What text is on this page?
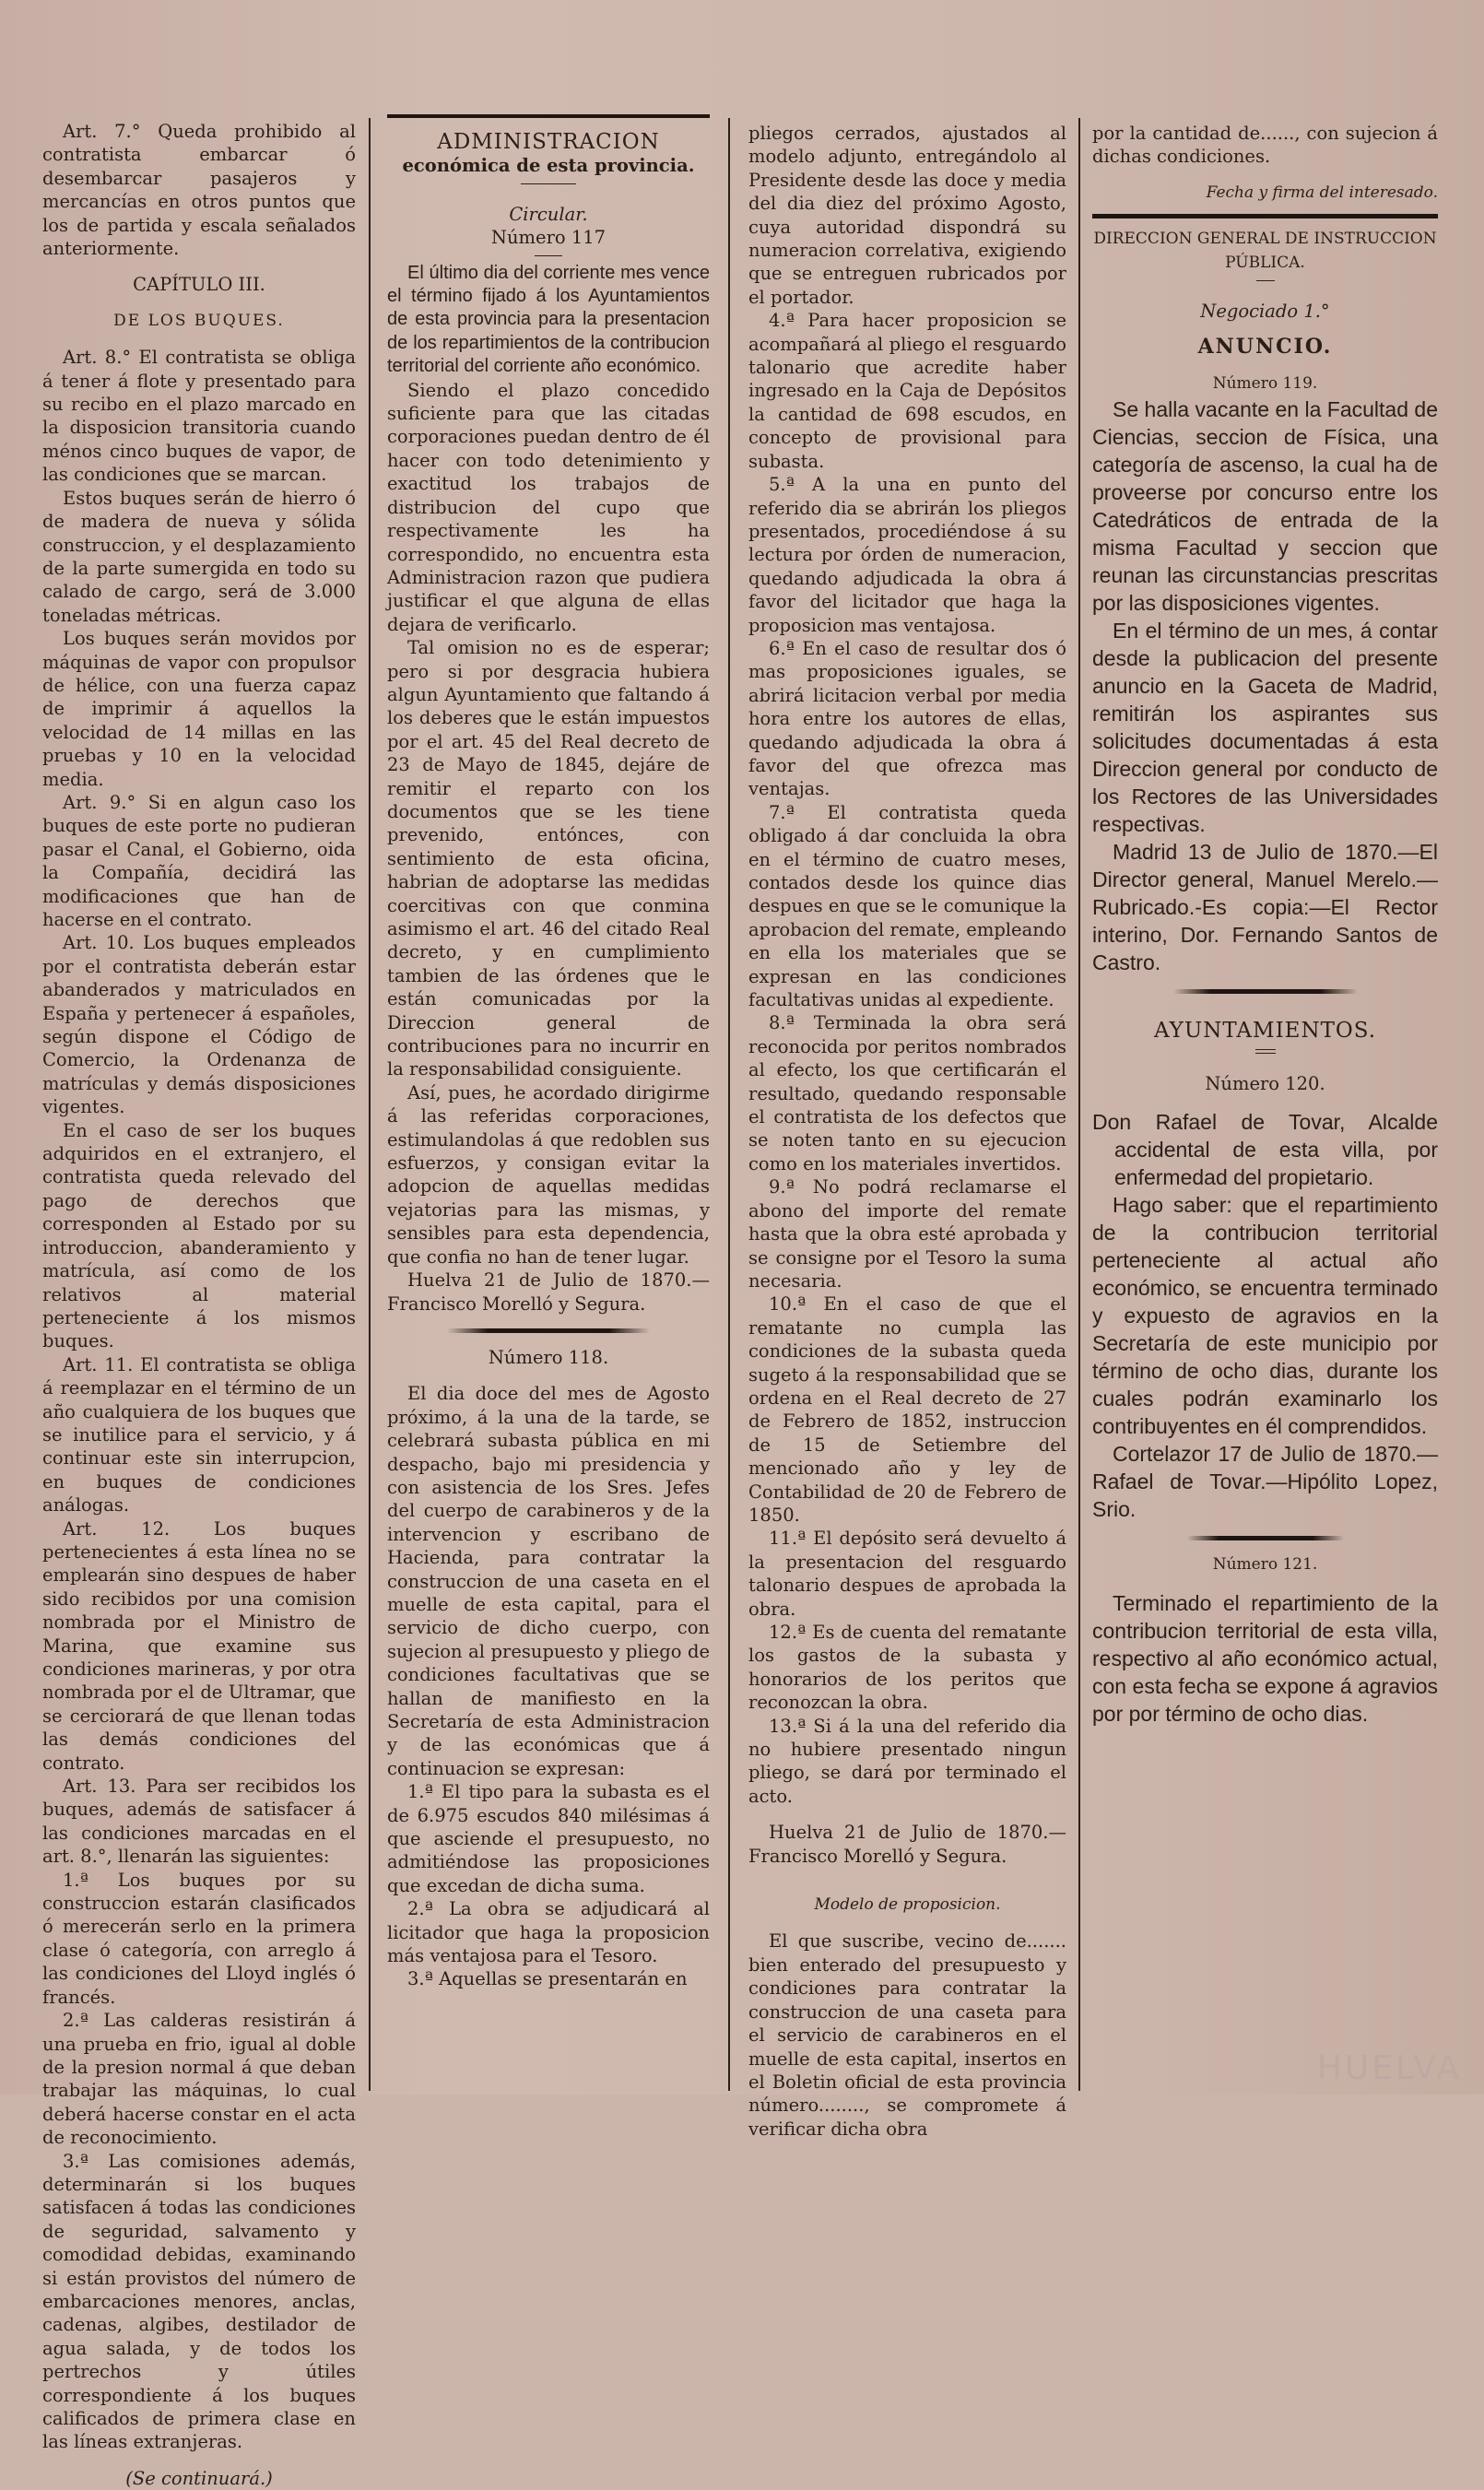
Art. 7.° Queda prohibido al contratista embarcar ó desembarcar pasajeros y mercancías en otros puntos que los de partida y escala señalados anteriormente.

CAPÍTULO III.

DE LOS BUQUES.

Art. 8.° El contratista se obliga á tener á flote y presentado para su recibo en el plazo marcado en la disposicion transitoria cuando ménos cinco buques de vapor, de las condiciones que se marcan.

Estos buques serán de hierro ó de madera de nueva y sólida construccion, y el desplazamiento de la parte sumergida en todo su calado de cargo, será de 3.000 toneladas métricas.

Los buques serán movidos por máquinas de vapor con propulsor de hélice, con una fuerza capaz de imprimir á aquellos la velocidad de 14 millas en las pruebas y 10 en la velocidad media.

Art. 9.° Si en algun caso los buques de este porte no pudieran pasar el Canal, el Gobierno, oida la Compañía, decidirá las modificaciones que han de hacerse en el contrato.

Art. 10. Los buques empleados por el contratista deberán estar abanderados y matriculados en España y pertenecer á españoles, según dispone el Código de Comercio, la Ordenanza de matrículas y demás disposiciones vigentes.

En el caso de ser los buques adquiridos en el extranjero, el contratista queda relevado del pago de derechos que corresponden al Estado por su introduccion, abanderamiento y matrícula, así como de los relativos al material perteneciente á los mismos buques.

Art. 11. El contratista se obliga á reemplazar en el término de un año cualquiera de los buques que se inutilice para el servicio, y á continuar este sin interrupcion, en buques de condiciones análogas.

Art. 12. Los buques pertenecientes á esta línea no se emplearán sino despues de haber sido recibidos por una comision nombrada por el Ministro de Marina, que examine sus condiciones marineras, y por otra nombrada por el de Ultramar, que se cerciorará de que llenan todas las demás condiciones del contrato.

Art. 13. Para ser recibidos los buques, además de satisfacer á las condiciones marcadas en el art. 8.°, llenarán las siguientes:

1.ª Los buques por su construccion estarán clasificados ó merecerán serlo en la primera clase ó categoría, con arreglo á las condiciones del Lloyd inglés ó francés.

2.ª Las calderas resistirán á una prueba en frio, igual al doble de la presion normal á que deban trabajar las máquinas, lo cual deberá hacerse constar en el acta de reconocimiento.

3.ª Las comisiones además, determinarán si los buques satisfacen á todas las condiciones de seguridad, salvamento y comodidad debidas, examinando si están provistos del número de embarcaciones menores, anclas, cadenas, algibes, destilador de agua salada, y de todos los pertrechos y útiles correspondiente á los buques calificados de primera clase en las líneas extranjeras.

(Se continuará.)

ADMINISTRACION

económica de esta provincia.

Circular.

Número 117

El último dia del corriente mes vence el término fijado á los Ayuntamientos de esta provincia para la presentacion de los repartimientos de la contribucion territorial del corriente año económico.

Siendo el plazo concedido suficiente para que las citadas corporaciones puedan dentro de él hacer con todo detenimiento y exactitud los trabajos de distribucion del cupo que respectivamente les ha correspondido, no encuentra esta Administracion razon que pudiera justificar el que alguna de ellas dejara de verificarlo.

Tal omision no es de esperar; pero si por desgracia hubiera algun Ayuntamiento que faltando á los deberes que le están impuestos por el art. 45 del Real decreto de 23 de Mayo de 1845, dejáre de remitir el reparto con los documentos que se les tiene prevenido, entónces, con sentimiento de esta oficina, habrian de adoptarse las medidas coercitivas con que conmina asimismo el art. 46 del citado Real decreto, y en cumplimiento tambien de las órdenes que le están comunicadas por la Direccion general de contribuciones para no incurrir en la responsabilidad consiguiente.

Así, pues, he acordado dirigirme á las referidas corporaciones, estimulandolas á que redoblen sus esfuerzos, y consigan evitar la adopcion de aquellas medidas vejatorias para las mismas, y sensibles para esta dependencia, que confia no han de tener lugar.

Huelva 21 de Julio de 1870.—Francisco Morelló y Segura.

Número 118.

El dia doce del mes de Agosto próximo, á la una de la tarde, se celebrará subasta pública en mi despacho, bajo mi presidencia y con asistencia de los Sres. Jefes del cuerpo de carabineros y de la intervencion y escribano de Hacienda, para contratar la construccion de una caseta en el muelle de esta capital, para el servicio de dicho cuerpo, con sujecion al presupuesto y pliego de condiciones facultativas que se hallan de manifiesto en la Secretaría de esta Administracion y de las económicas que á continuacion se expresan:

1.ª El tipo para la subasta es el de 6.975 escudos 840 milésimas á que asciende el presupuesto, no admitiéndose las proposiciones que excedan de dicha suma.

2.ª La obra se adjudicará al licitador que haga la proposicion más ventajosa para el Tesoro.

3.ª Aquellas se presentarán en

pliegos cerrados, ajustados al modelo adjunto, entregándolo al Presidente desde las doce y media del dia diez del próximo Agosto, cuya autoridad dispondrá su numeracion correlativa, exigiendo que se entreguen rubricados por el portador.

4.ª Para hacer proposicion se acompañará al pliego el resguardo talonario que acredite haber ingresado en la Caja de Depósitos la cantidad de 698 escudos, en concepto de provisional para subasta.

5.ª A la una en punto del referido dia se abrirán los pliegos presentados, procediéndose á su lectura por órden de numeracion, quedando adjudicada la obra á favor del licitador que haga la proposicion mas ventajosa.

6.ª En el caso de resultar dos ó mas proposiciones iguales, se abrirá licitacion verbal por media hora entre los autores de ellas, quedando adjudicada la obra á favor del que ofrezca mas ventajas.

7.ª El contratista queda obligado á dar concluida la obra en el término de cuatro meses, contados desde los quince dias despues en que se le comunique la aprobacion del remate, empleando en ella los materiales que se expresan en las condiciones facultativas unidas al expediente.

8.ª Terminada la obra será reconocida por peritos nombrados al efecto, los que certificarán el resultado, quedando responsable el contratista de los defectos que se noten tanto en su ejecucion como en los materiales invertidos.

9.ª No podrá reclamarse el abono del importe del remate hasta que la obra esté aprobada y se consigne por el Tesoro la suma necesaria.

10.ª En el caso de que el rematante no cumpla las condiciones de la subasta queda sugeto á la responsabilidad que se ordena en el Real decreto de 27 de Febrero de 1852, instruccion de 15 de Setiembre del mencionado año y ley de Contabilidad de 20 de Febrero de 1850.

11.ª El depósito será devuelto á la presentacion del resguardo talonario despues de aprobada la obra.

12.ª Es de cuenta del rematante los gastos de la subasta y honorarios de los peritos que reconozcan la obra.

13.ª Si á la una del referido dia no hubiere presentado ningun pliego, se dará por terminado el acto.

Huelva 21 de Julio de 1870.—Francisco Morelló y Segura.

Modelo de proposicion.

El que suscribe, vecino de....... bien enterado del presupuesto y condiciones para contratar la construccion de una caseta para el servicio de carabineros en el muelle de esta capital, insertos en el Boletin oficial de esta provincia número........, se compromete á verificar dicha obra

por la cantidad de......, con sujecion á dichas condiciones.

Fecha y firma del interesado.

DIRECCION GENERAL DE INSTRUCCION PÚBLICA.

Negociado 1.°

ANUNCIO.

Número 119.

Se halla vacante en la Facultad de Ciencias, seccion de Física, una categoría de ascenso, la cual ha de proveerse por concurso entre los Catedráticos de entrada de la misma Facultad y seccion que reunan las circunstancias prescritas por las disposiciones vigentes.

En el término de un mes, á contar desde la publicacion del presente anuncio en la Gaceta de Madrid, remitirán los aspirantes sus solicitudes documentadas á esta Direccion general por conducto de los Rectores de las Universidades respectivas.

Madrid 13 de Julio de 1870.—El Director general, Manuel Merelo.—Rubricado.-Es copia:—El Rector interino, Dor. Fernando Santos de Castro.

AYUNTAMIENTOS.

Número 120.

Don Rafael de Tovar, Alcalde accidental de esta villa, por enfermedad del propietario.

Hago saber: que el repartimiento de la contribucion territorial perteneciente al actual año económico, se encuentra terminado y expuesto de agravios en la Secretaría de este municipio por término de ocho dias, durante los cuales podrán examinarlo los contribuyentes en él comprendidos.

Cortelazor 17 de Julio de 1870.—Rafael de Tovar.—Hipólito Lopez, Srio.

Número 121.

Terminado el repartimiento de la contribucion territorial de esta villa, respectivo al año económico actual, con esta fecha se expone á agravios por por término de ocho dias.

HUELVA
